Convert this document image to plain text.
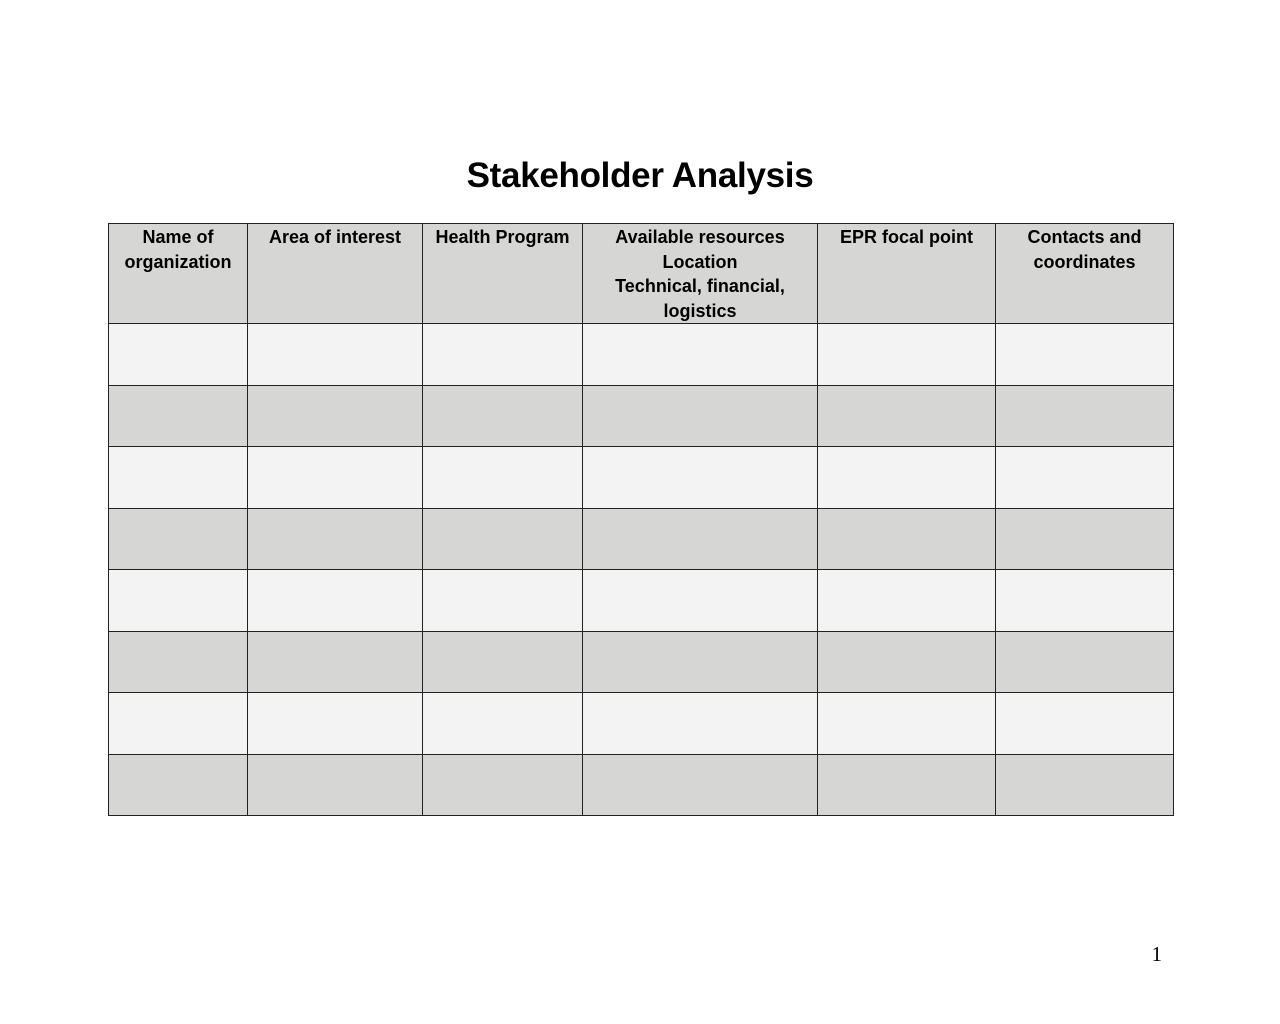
Stakeholder Analysis
Name of
organization	Area of interest	Health Program	Available resources
Location
Technical, financial,
logistics	EPR focal point	Contacts and
coordinates

1
